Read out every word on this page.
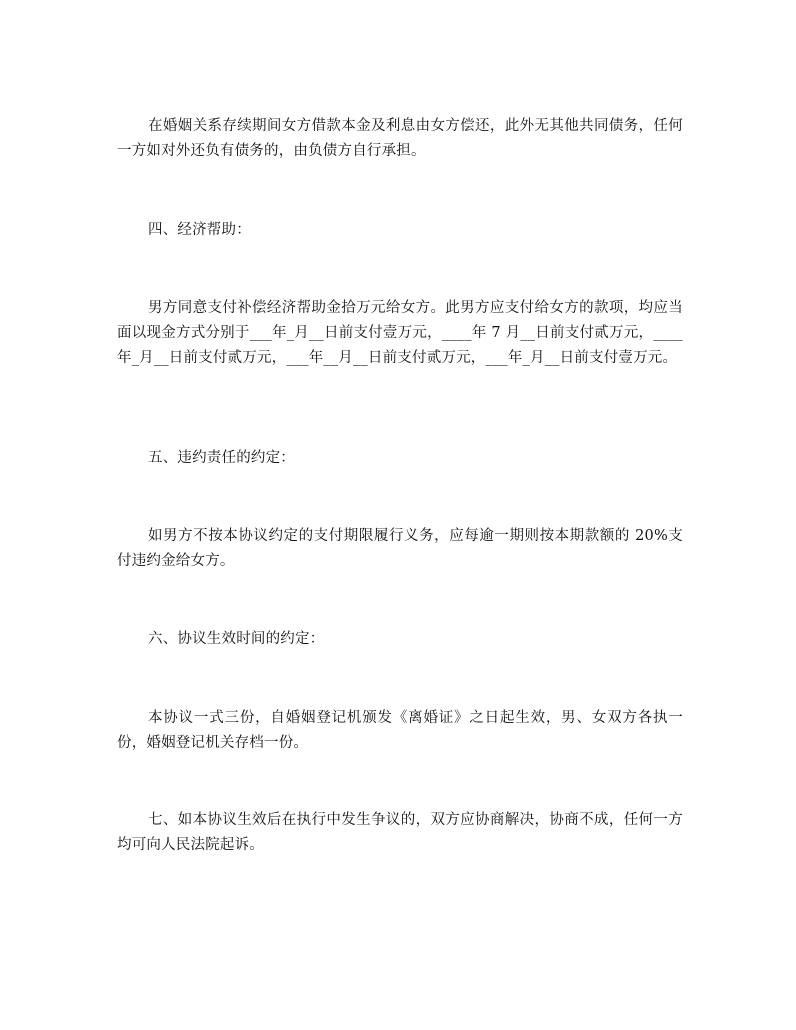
在婚姻关系存续期间女方借款本金及利息由女方偿还，此外无其他共同债务，任何一方如对外还负有债务的，由负债方自行承担。

四、经济帮助：

男方同意支付补偿经济帮助金拾万元给女方。此男方应支付给女方的款项，均应当面以现金方式分别于___年_月__日前支付壹万元，____年 7 月__日前支付贰万元，____年_月__日前支付贰万元，___年__月__日前支付贰万元，___年_月__日前支付壹万元。

五、违约责任的约定：

如男方不按本协议约定的支付期限履行义务，应每逾一期则按本期款额的 20%支付违约金给女方。

六、协议生效时间的约定：

本协议一式三份，自婚姻登记机颁发《离婚证》之日起生效，男、女双方各执一份，婚姻登记机关存档一份。

七、如本协议生效后在执行中发生争议的，双方应协商解决，协商不成，任何一方均可向人民法院起诉。
